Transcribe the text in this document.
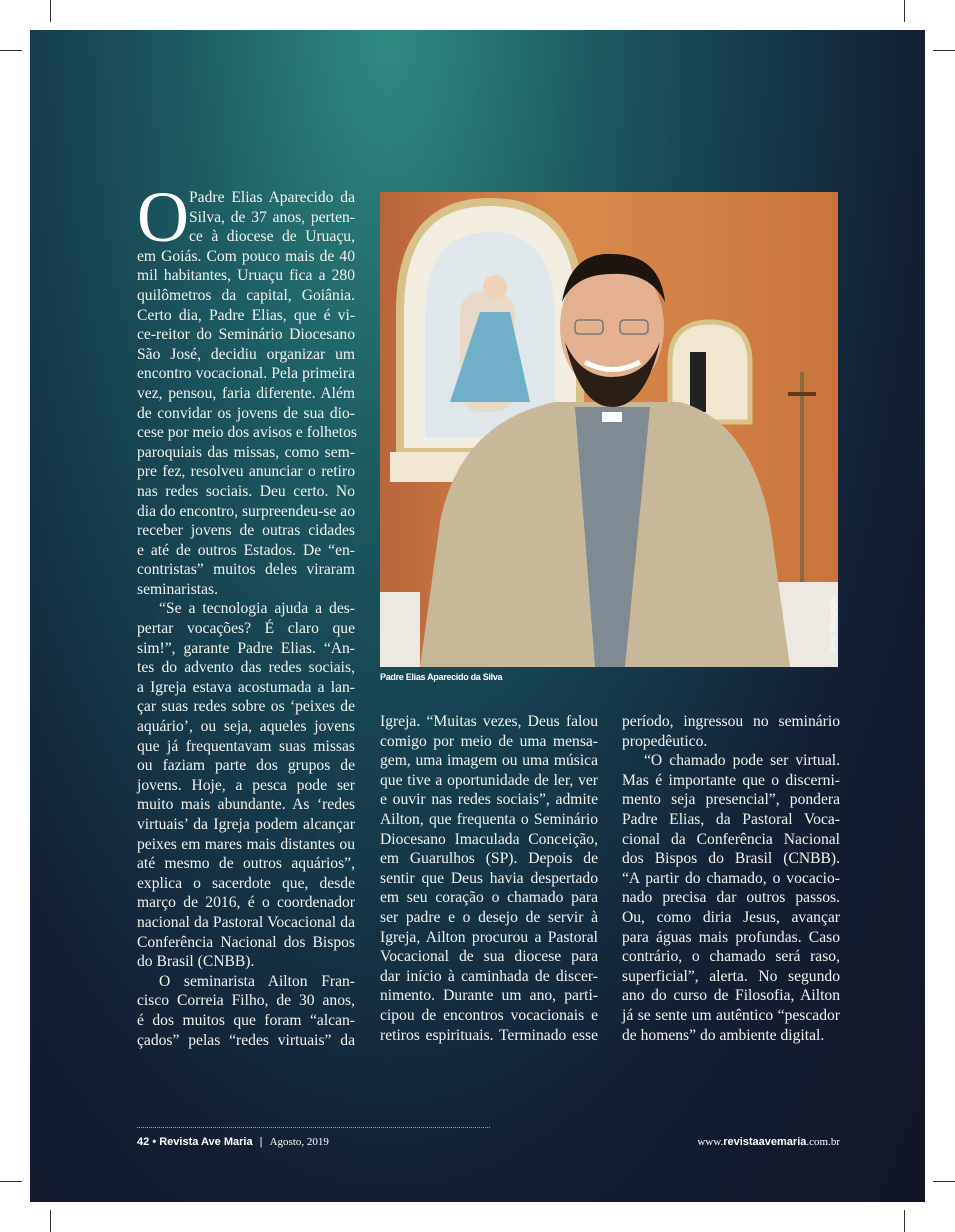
O Padre Elias Aparecido da
Silva, de 37 anos, perten-
ce à diocese de Uruaçu,
em Goiás. Com pouco mais de 40
mil habitantes, Uruaçu fica a 280
quilômetros da capital, Goiânia.
Certo dia, Padre Elias, que é vi-
ce-reitor do Seminário Diocesano
São José, decidiu organizar um
encontro vocacional. Pela primeira
vez, pensou, faria diferente. Além
de convidar os jovens de sua dio-
cese por meio dos avisos e folhetos
paroquiais das missas, como sem-
pre fez, resolveu anunciar o retiro
nas redes sociais. Deu certo. No
dia do encontro, surpreendeu-se ao
receber jovens de outras cidades
e até de outros Estados. De “en-
contristas” muitos deles viraram
seminaristas.
“Se a tecnologia ajuda a des-
pertar vocações? É claro que
sim!”, garante Padre Elias. “An-
tes do advento das redes sociais,
a Igreja estava acostumada a lan-
çar suas redes sobre os ‘peixes de
aquário’, ou seja, aqueles jovens
que já frequentavam suas missas
ou faziam parte dos grupos de
jovens. Hoje, a pesca pode ser
muito mais abundante. As ‘redes
virtuais’ da Igreja podem alcançar
peixes em mares mais distantes ou
até mesmo de outros aquários”,
explica o sacerdote que, desde
março de 2016, é o coordenador
nacional da Pastoral Vocacional da
Conferência Nacional dos Bispos
do Brasil (CNBB).
O seminarista Ailton Fran-
cisco Correia Filho, de 30 anos,
é dos muitos que foram “alcan-
çados” pelas “redes virtuais” da
Igreja. “Muitas vezes, Deus falou
comigo por meio de uma mensa-
gem, uma imagem ou uma música
que tive a oportunidade de ler, ver
e ouvir nas redes sociais”, admite
Ailton, que frequenta o Seminário
Diocesano Imaculada Conceição,
em Guarulhos (SP). Depois de
sentir que Deus havia despertado
em seu coração o chamado para
ser padre e o desejo de servir à
Igreja, Ailton procurou a Pastoral
Vocacional de sua diocese para
dar início à caminhada de discer-
nimento. Durante um ano, parti-
cipou de encontros vocacionais e
retiros espirituais. Terminado esse
período, ingressou no seminário
propedêutico.
“O chamado pode ser virtual.
Mas é importante que o discerni-
mento seja presencial”, pondera
Padre Elias, da Pastoral Voca-
cional da Conferência Nacional
dos Bispos do Brasil (CNBB).
“A partir do chamado, o vocacio-
nado precisa dar outros passos.
Ou, como diria Jesus, avançar
para águas mais profundas. Caso
contrário, o chamado será raso,
superficial”, alerta. No segundo
ano do curso de Filosofia, Ailton
já se sente um autêntico “pescador
de homens” do ambiente digital.
Padre Elias Aparecido da Silva
Foto: Divulgação
42 • Revista Ave Maria | Agosto, 2019	www.revistaavemaria.com.br
